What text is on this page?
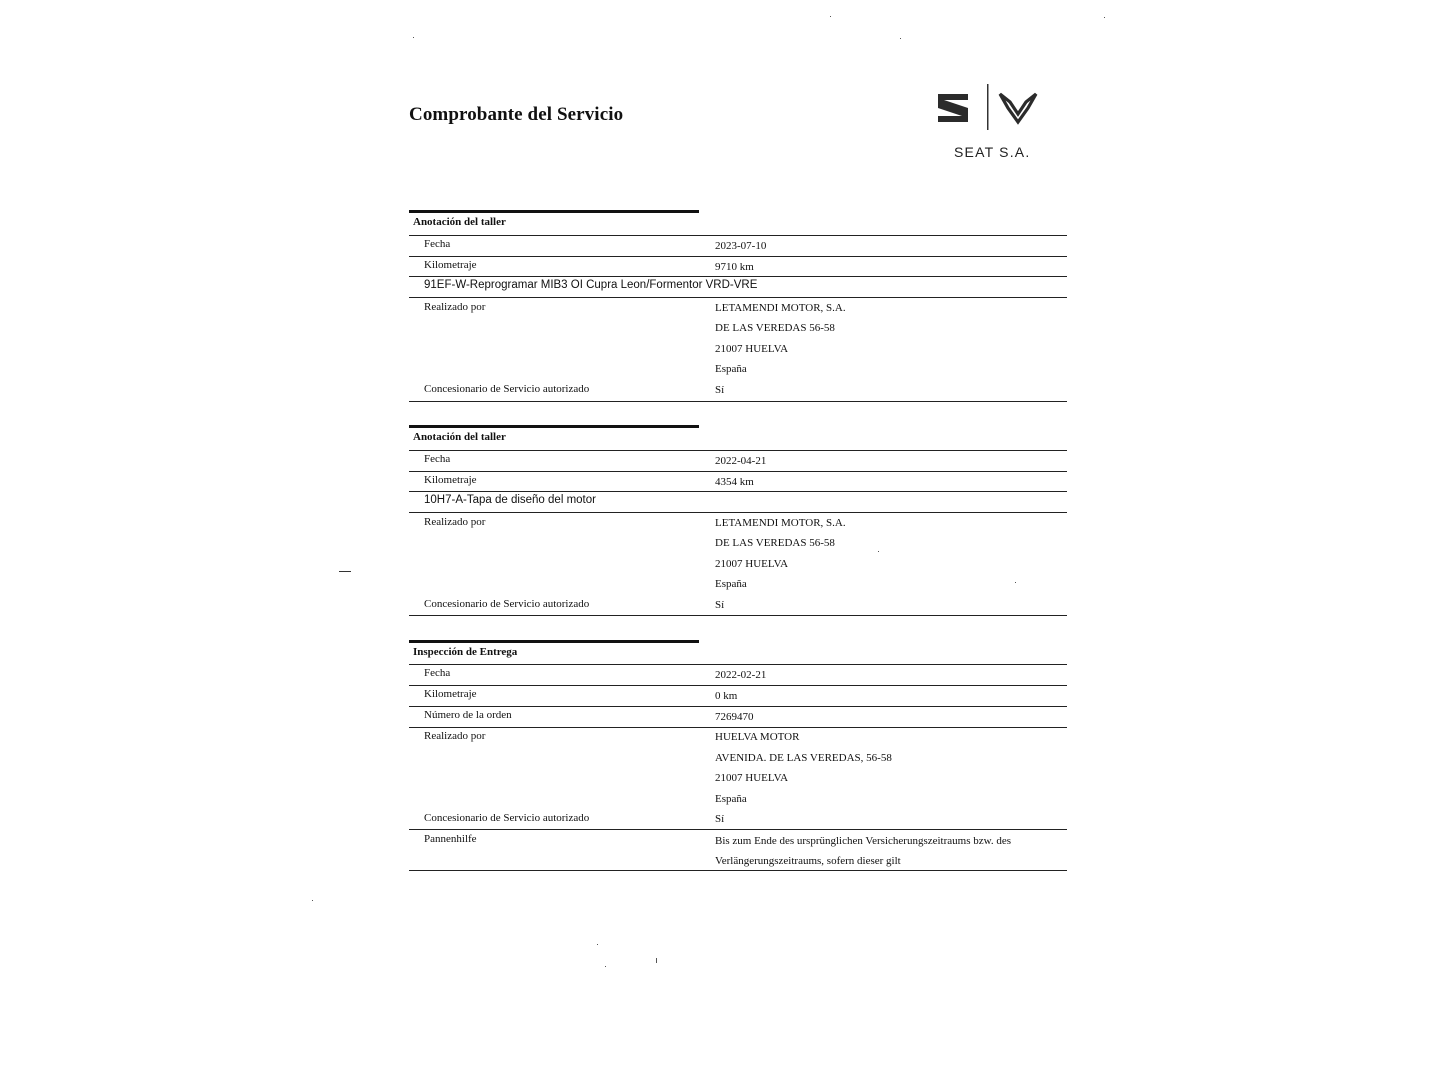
Comprobante del Servicio
SEAT S.A.
Anotación del taller
Fecha	2023-07-10
Kilometraje	9710 km
91EF-W-Reprogramar MIB3 OI Cupra Leon/Formentor VRD-VRE
Realizado por	LETAMENDI MOTOR, S.A.
DE LAS VEREDAS 56-58
21007 HUELVA
España
Concesionario de Servicio autorizado	Sí
Anotación del taller
Fecha	2022-04-21
Kilometraje	4354 km
10H7-A-Tapa de diseño del motor
Realizado por	LETAMENDI MOTOR, S.A.
DE LAS VEREDAS 56-58
21007 HUELVA
España
Concesionario de Servicio autorizado	Sí
Inspección de Entrega
Fecha	2022-02-21
Kilometraje	0 km
Número de la orden	7269470
Realizado por	HUELVA MOTOR
AVENIDA. DE LAS VEREDAS, 56-58
21007 HUELVA
España
Concesionario de Servicio autorizado	Sí
Pannenhilfe	Bis zum Ende des ursprünglichen Versicherungszeitraums bzw. des
Verlängerungszeitraums, sofern dieser gilt
